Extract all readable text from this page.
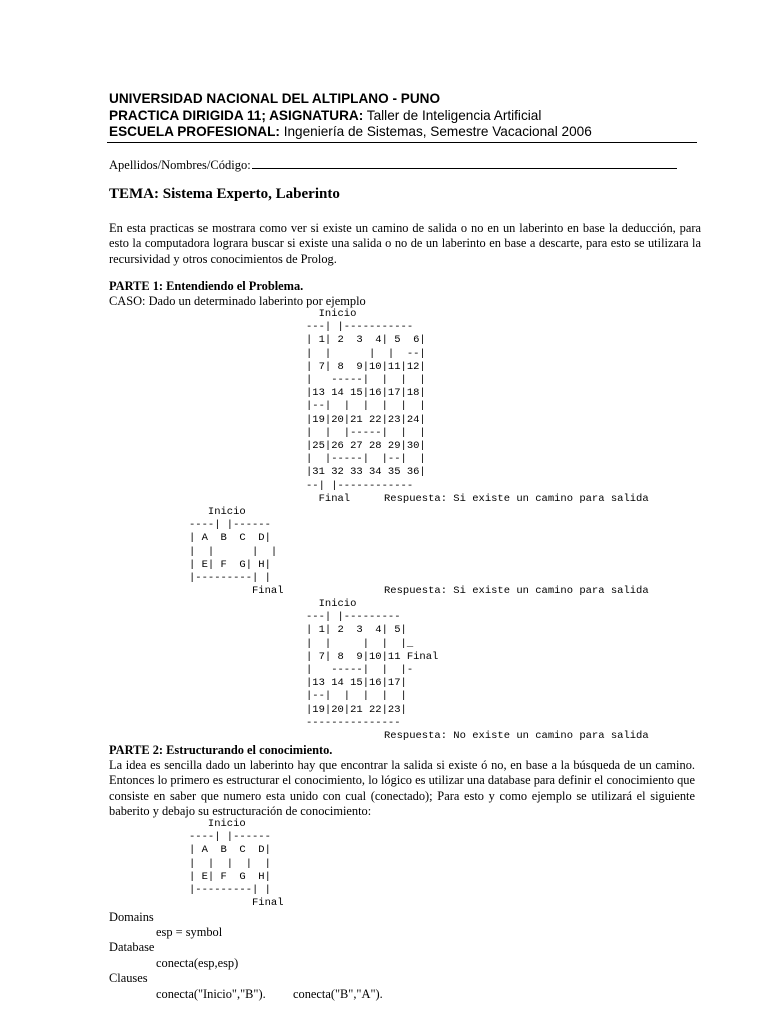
UNIVERSIDAD NACIONAL DEL ALTIPLANO - PUNO
PRACTICA DIRIGIDA 11; ASIGNATURA: Taller de Inteligencia Artificial
ESCUELA PROFESIONAL: Ingeniería de Sistemas, Semestre Vacacional 2006
Apellidos/Nombres/Código:
TEMA: Sistema Experto, Laberinto
En esta practicas se mostrara como ver si existe un camino de salida o no en un laberinto en base la deducción, para esto la computadora lograra buscar si existe una salida o no de un laberinto en base a descarte, para esto se utilizara la recursividad y otros conocimientos de Prolog.
PARTE 1: Entendiendo el Problema.
CASO: Dado un determinado laberinto por ejemplo
Inicio
---| |-----------
| 1| 2  3  4| 5  6|
|  |      |  |  --|
| 7| 8  9|10|11|12|
|   -----|  |  |  |
|13 14 15|16|17|18|
|--|  |  |  |  |  |
|19|20|21 22|23|24|
|  |  |-----|  |  |
|25|26 27 28 29|30|
|  |-----|  |--|  |
|31 32 33 34 35 36|
--| |------------
Final	Respuesta: Si existe un camino para salida
Inicio
----| |------
| A  B  C  D|
|  |      |  |
| E| F  G| H|
|---------| |
Final	Respuesta: Si existe un camino para salida
Inicio
---| |---------
| 1| 2  3  4| 5|
|  |     |  |  |_
| 7| 8  9|10|11 Final
|   -----|  |  |-
|13 14 15|16|17|
|--|  |  |  |  |
|19|20|21 22|23|
---------------
Respuesta: No existe un camino para salida
PARTE 2: Estructurando el conocimiento.
La idea es sencilla dado un laberinto hay que encontrar la salida si existe ó no, en base a la búsqueda de un camino. Entonces lo primero es estructurar el conocimiento, lo lógico es utilizar una database para definir el conocimiento que consiste en saber que numero esta unido con cual (conectado); Para esto y como ejemplo se utilizará el siguiente baberito y debajo su estructuración de conocimiento:
Inicio
----| |------
| A  B  C  D|
|  |  |  |  |
| E| F  G  H|
|---------| |
Final
Domains
esp = symbol
Database
conecta(esp,esp)
Clauses
conecta("Inicio","B"). conecta("B","A").
